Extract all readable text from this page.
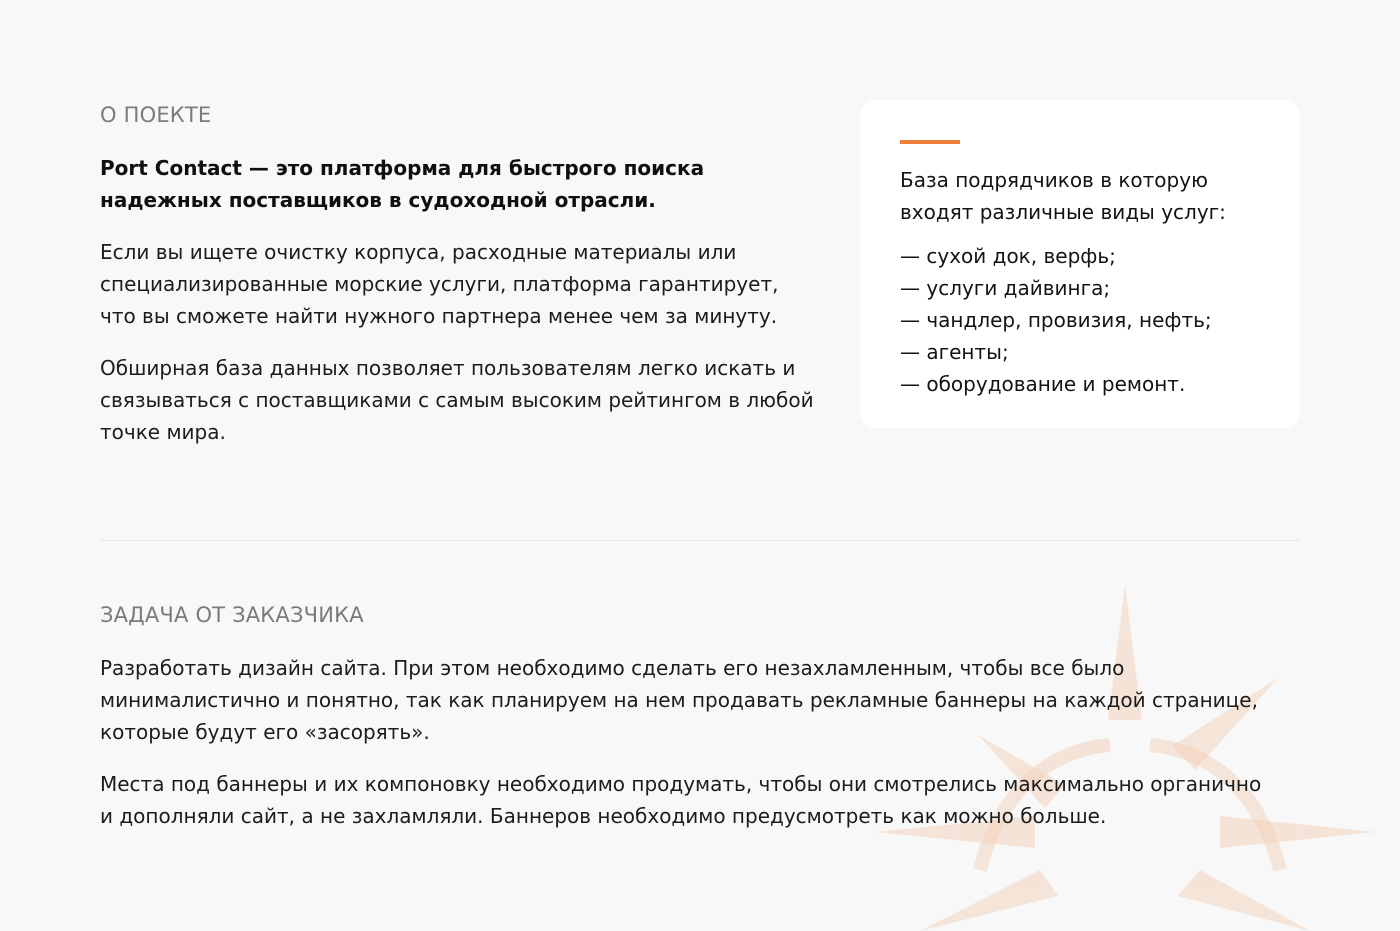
О ПОЕКТЕ

Port Contact — это платформа для быстрого поиска надежных поставщиков в судоходной отрасли.

Если вы ищете очистку корпуса, расходные материалы или специализированные морские услуги, платформа гарантирует, что вы сможете найти нужного партнера менее чем за минуту.

Обширная база данных позволяет пользователям легко искать и связываться с поставщиками с самым высоким рейтингом в любой точке мира.

База подрядчиков в которую входят различные виды услуг:

— сухой док, верфь;
— услуги дайвинга;
— чандлер, провизия, нефть;
— агенты;
— оборудование и ремонт.
ЗАДАЧА ОТ ЗАКАЗЧИКА

Разработать дизайн сайта. При этом необходимо сделать его незахламленным, чтобы все было минималистично и понятно, так как планируем на нем продавать рекламные баннеры на каждой странице, которые будут его «засорять».

Места под баннеры и их компоновку необходимо продумать, чтобы они смотрелись максимально органично и дополняли сайт, а не захламляли. Баннеров необходимо предусмотреть как можно больше.
